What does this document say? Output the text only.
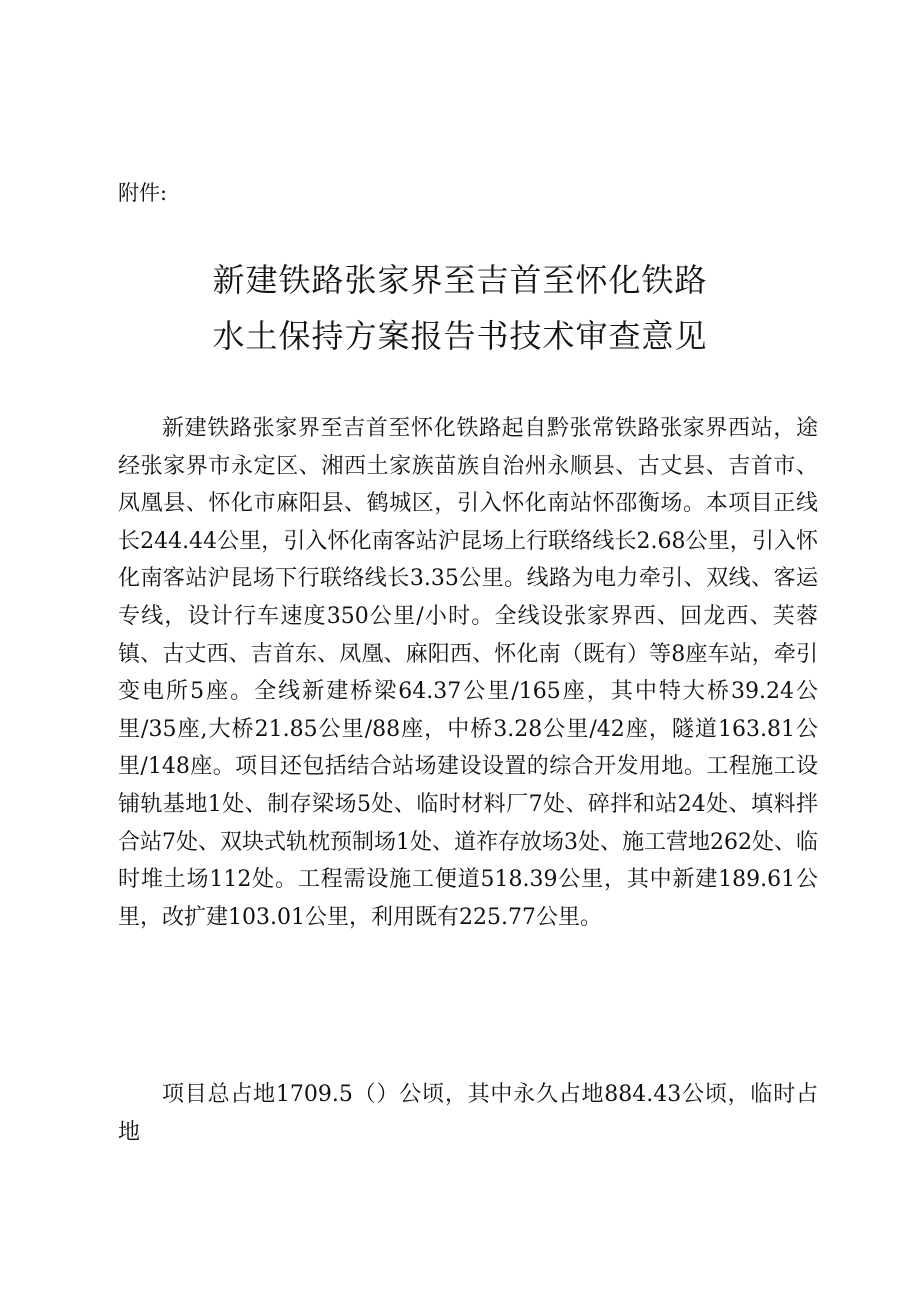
附件:
新建铁路张家界至吉首至怀化铁路
水土保持方案报告书技术审查意见

新建铁路张家界至吉首至怀化铁路起自黔张常铁路张家界西站，途经张家界市永定区、湘西土家族苗族自治州永顺县、古丈县、吉首市、凤凰县、怀化市麻阳县、鹤城区，引入怀化南站怀邵衡场。本项目正线长244.44公里，引入怀化南客站沪昆场上行联络线长2.68公里，引入怀化南客站沪昆场下行联络线长3.35公里。线路为电力牵引、双线、客运专线，设计行车速度350公里/小时。全线设张家界西、回龙西、芙蓉镇、古丈西、吉首东、凤凰、麻阳西、怀化南（既有）等8座车站，牵引变电所5座。全线新建桥梁64.37公里/165座，其中特大桥39.24公里/35座,大桥21.85公里/88座，中桥3.28公里/42座，隧道163.81公里/148座。项目还包括结合站场建设设置的综合开发用地。工程施工设铺轨基地1处、制存梁场5处、临时材料厂7处、碎拌和站24处、填料拌合站7处、双块式轨枕预制场1处、道祚存放场3处、施工营地262处、临时堆土场112处。工程需设施工便道518.39公里，其中新建189.61公里，改扩建103.01公里，利用既有225.77公里。

项目总占地1709.5（）公顷，其中永久占地884.43公顷，临时占地
